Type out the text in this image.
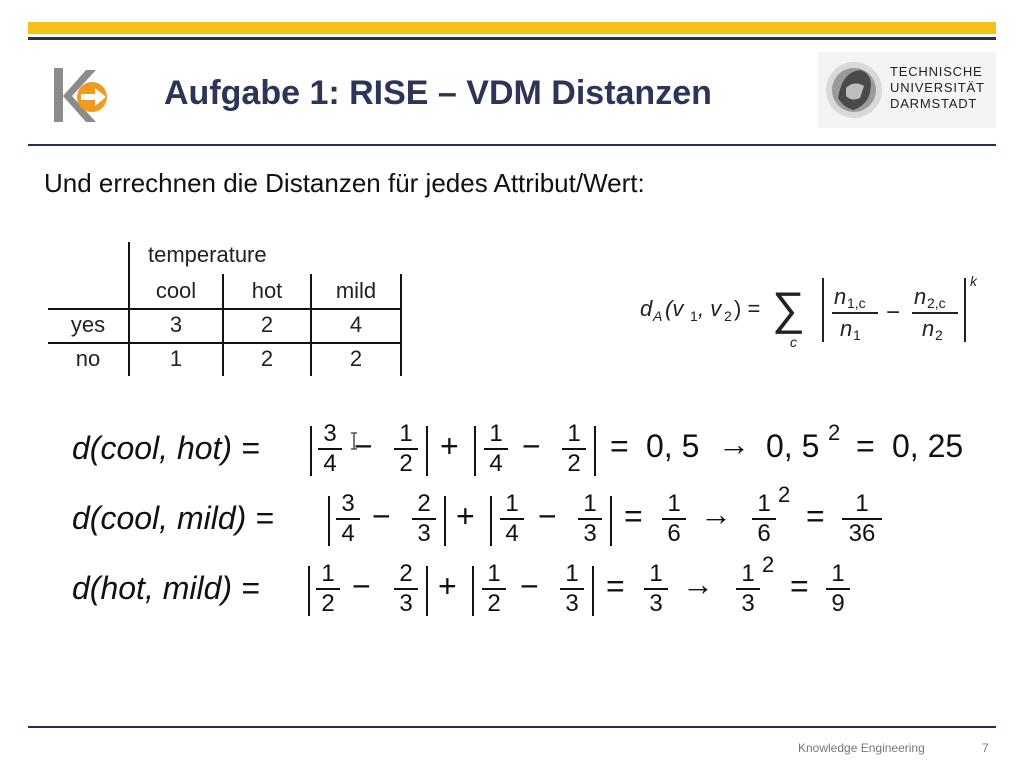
Aufgabe 1: RISE – VDM Distanzen
TECHNISCHE
UNIVERSITÄT
DARMSTADT

Und errechnen die Distanzen für jedes Attribut/Wert:

temperature
cool	hot	mild
yes	3	2	4
no	1	2	2
d A (v 1 , v 2 ) = ∑
c
n 1,c
n 1
−
n 2,c
n 2
k
d(cool, hot) =	3
4 − 1
2 + 1
4 − 1
2 = 0, 5 → 0, 5 2 = 0, 25
d(cool, mild) =	3
4 − 2
3 + 1
4 − 1
3 = 1
6
→ 1
6
2
=	1
36
d(hot, mild) =	1
2 − 2
3 + 1
2 − 1
3 = 1
3
→ 1
3
2
= 1
9
Knowledge Engineering	7
